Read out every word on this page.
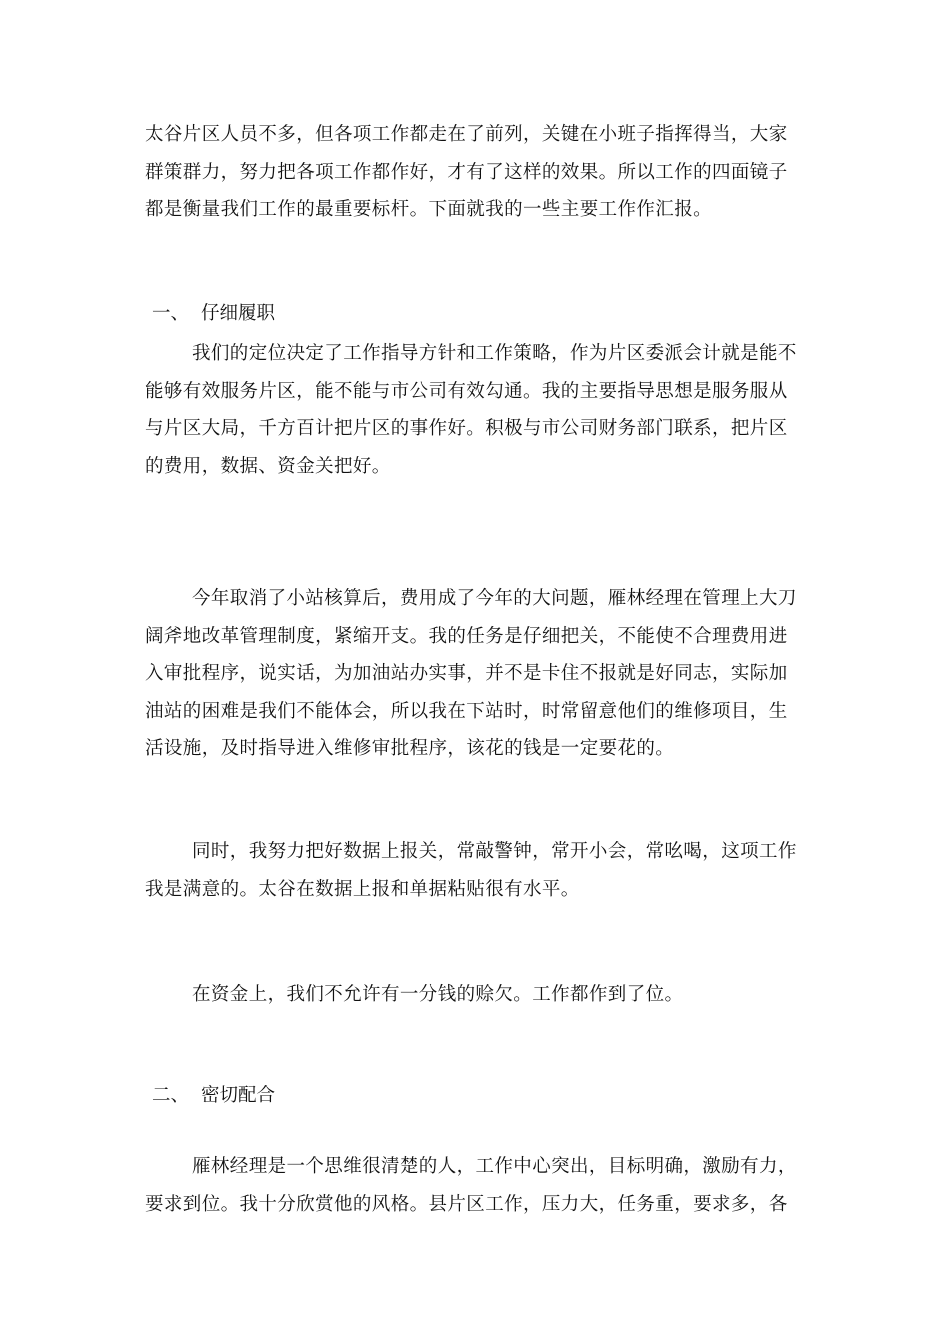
太谷片区人员不多，但各项工作都走在了前列，关键在小班子指挥得当，大家
群策群力，努力把各项工作都作好，才有了这样的效果。所以工作的四面镜子
都是衡量我们工作的最重要标杆。下面就我的一些主要工作作汇报。
一、 仔细履职
我们的定位决定了工作指导方针和工作策略，作为片区委派会计就是能不
能够有效服务片区，能不能与市公司有效勾通。我的主要指导思想是服务服从
与片区大局，千方百计把片区的事作好。积极与市公司财务部门联系，把片区
的费用，数据、资金关把好。
今年取消了小站核算后，费用成了今年的大问题，雁林经理在管理上大刀
阔斧地改革管理制度，紧缩开支。我的任务是仔细把关，不能使不合理费用进
入审批程序，说实话，为加油站办实事，并不是卡住不报就是好同志，实际加
油站的困难是我们不能体会，所以我在下站时，时常留意他们的维修项目，生
活设施，及时指导进入维修审批程序，该花的钱是一定要花的。
同时，我努力把好数据上报关，常敲警钟，常开小会，常吆喝，这项工作
我是满意的。太谷在数据上报和单据粘贴很有水平。
在资金上，我们不允许有一分钱的赊欠。工作都作到了位。
二、 密切配合
雁林经理是一个思维很清楚的人，工作中心突出，目标明确，激励有力，
要求到位。我十分欣赏他的风格。县片区工作，压力大，任务重，要求多，各
